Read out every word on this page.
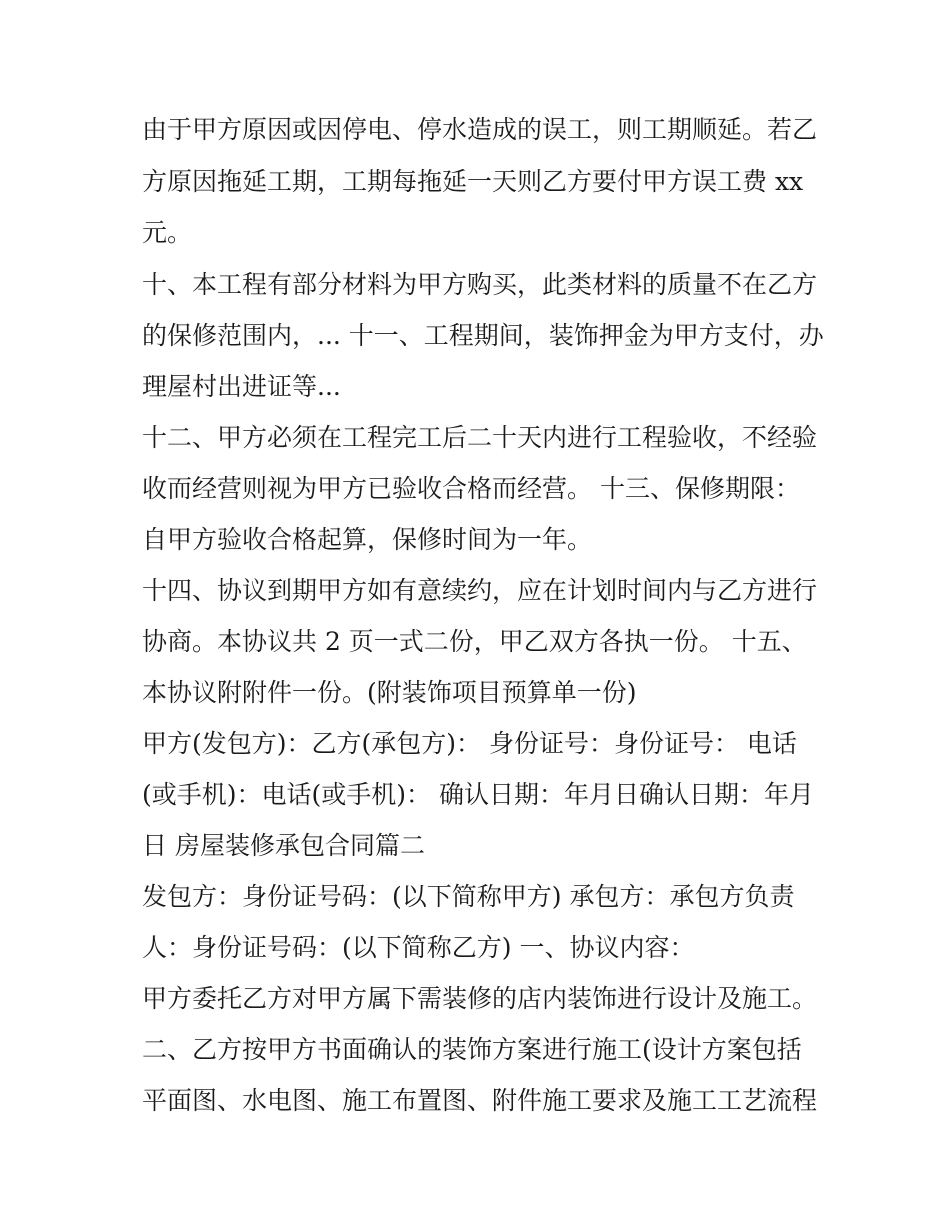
由于甲方原因或因停电、停水造成的误工，则工期顺延。若乙

方原因拖延工期，工期每拖延一天则乙方要付甲方误工费 xx

元。

十、本工程有部分材料为甲方购买，此类材料的质量不在乙方

的保修范围内，... 十一、工程期间，装饰押金为甲方支付，办

理屋村出进证等...

十二、甲方必须在工程完工后二十天内进行工程验收，不经验

收而经营则视为甲方已验收合格而经营。 十三、保修期限：

自甲方验收合格起算，保修时间为一年。

十四、协议到期甲方如有意续约，应在计划时间内与乙方进行

协商。本协议共 2 页一式二份，甲乙双方各执一份。 十五、

本协议附附件一份。(附装饰项目预算单一份)

甲方(发包方)：乙方(承包方)： 身份证号：身份证号： 电话

(或手机)：电话(或手机)： 确认日期：年月日确认日期：年月

日 房屋装修承包合同篇二

发包方：身份证号码：(以下简称甲方) 承包方：承包方负责

人：身份证号码：(以下简称乙方) 一、协议内容：

甲方委托乙方对甲方属下需装修的店内装饰进行设计及施工。

二、乙方按甲方书面确认的装饰方案进行施工(设计方案包括

平面图、水电图、施工布置图、附件施工要求及施工工艺流程
